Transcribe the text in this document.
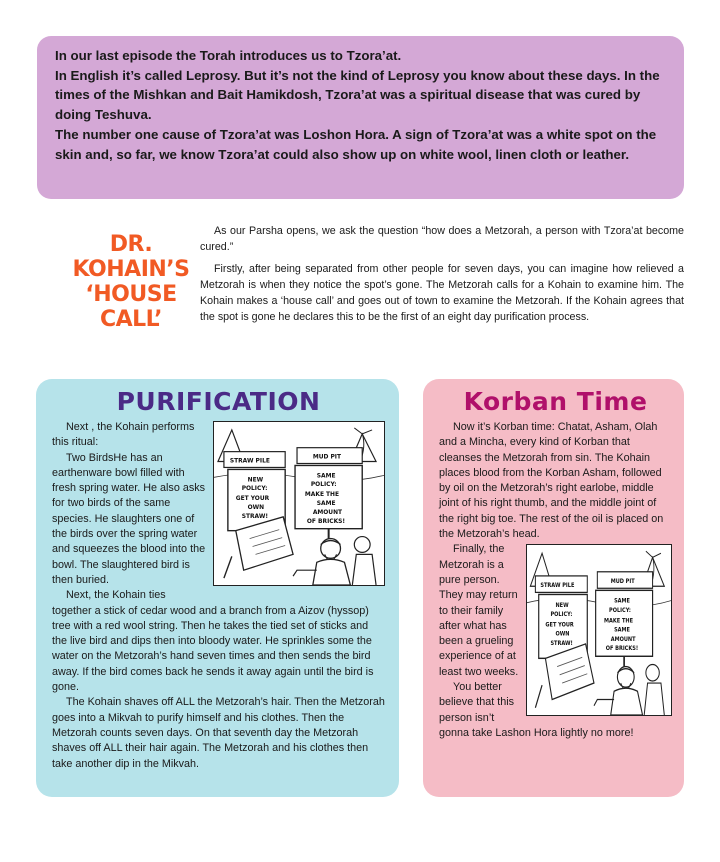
In our last episode the Torah introduces us to Tzora’at.

In English it’s called Leprosy. But it’s not the kind of Leprosy you know about these days. In the times of the Mishkan and Bait Hamikdosh, Tzora’at was a spiritual disease that was cured by doing Teshuva.

The number one cause of Tzora’at was Loshon Hora. A sign of Tzora’at was a white spot on the skin and, so far, we know Tzora’at could also show up on white wool, linen cloth or leather.

DR.
KOHAIN’S
‘HOUSE
CALL’

As our Parsha opens, we ask the question “how does a Metzorah, a person with Tzora’at become cured.”

Firstly, after being separated from other people for seven days, you can imagine how relieved a Metzorah is when they notice the spot’s gone. The Metzorah calls for a Kohain to examine him. The Kohain makes a ‘house call’ and goes out of town to examine the Metzorah. If the Kohain agrees that the spot is gone he declares this to be the first of an eight day purification process.

PURIFICATION
STRAW PILE
MUD PIT
NEW
POLICY:
GET YOUR
OWN
STRAW!
SAME
POLICY:
MAKE THE
SAME
AMOUNT
OF BRICKS!

Next , the Kohain performs this ritual:

Two BirdsHe has an earthenware bowl filled with fresh spring water. He also asks for two birds of the same species. He slaughters one of the birds over the spring water and squeezes the blood into the bowl. The slaughtered bird is then buried.

Next, the Kohain ties together a stick of cedar wood and a branch from a Aizov (hyssop) tree with a red wool string. Then he takes the tied set of sticks and the live bird and dips then into bloody water. He sprinkles some the water on the Metzorah’s hand seven times and then sends the bird away. If the bird comes back he sends it away again until the bird is gone.

The Kohain shaves off ALL the Metzorah’s hair. Then the Metzorah goes into a Mikvah to purify himself and his clothes. Then the Metzorah counts seven days. On that seventh day the Metzorah shaves off ALL their hair again. The Metzorah and his clothes then take another dip in the Mikvah.

Korban Time

Now it’s Korban time: Chatat, Asham, Olah and a Mincha, every kind of Korban that cleanses the Metzorah from sin. The Kohain places blood from the Korban Asham, followed by oil on the Metzorah’s right earlobe, middle joint of his right thumb, and the middle joint of the right big toe. The rest of the oil is placed on the Metzorah’s head.

STRAW PILE
MUD PIT
NEW
POLICY:
GET YOUR
OWN
STRAW!
SAME
POLICY:
MAKE THE
SAME
AMOUNT
OF BRICKS!

Finally, the Metzorah is a pure person. They may return to their family after what has been a grueling experience of at least two weeks.

You better believe that this person isn’t gonna take Lashon Hora lightly no more!
